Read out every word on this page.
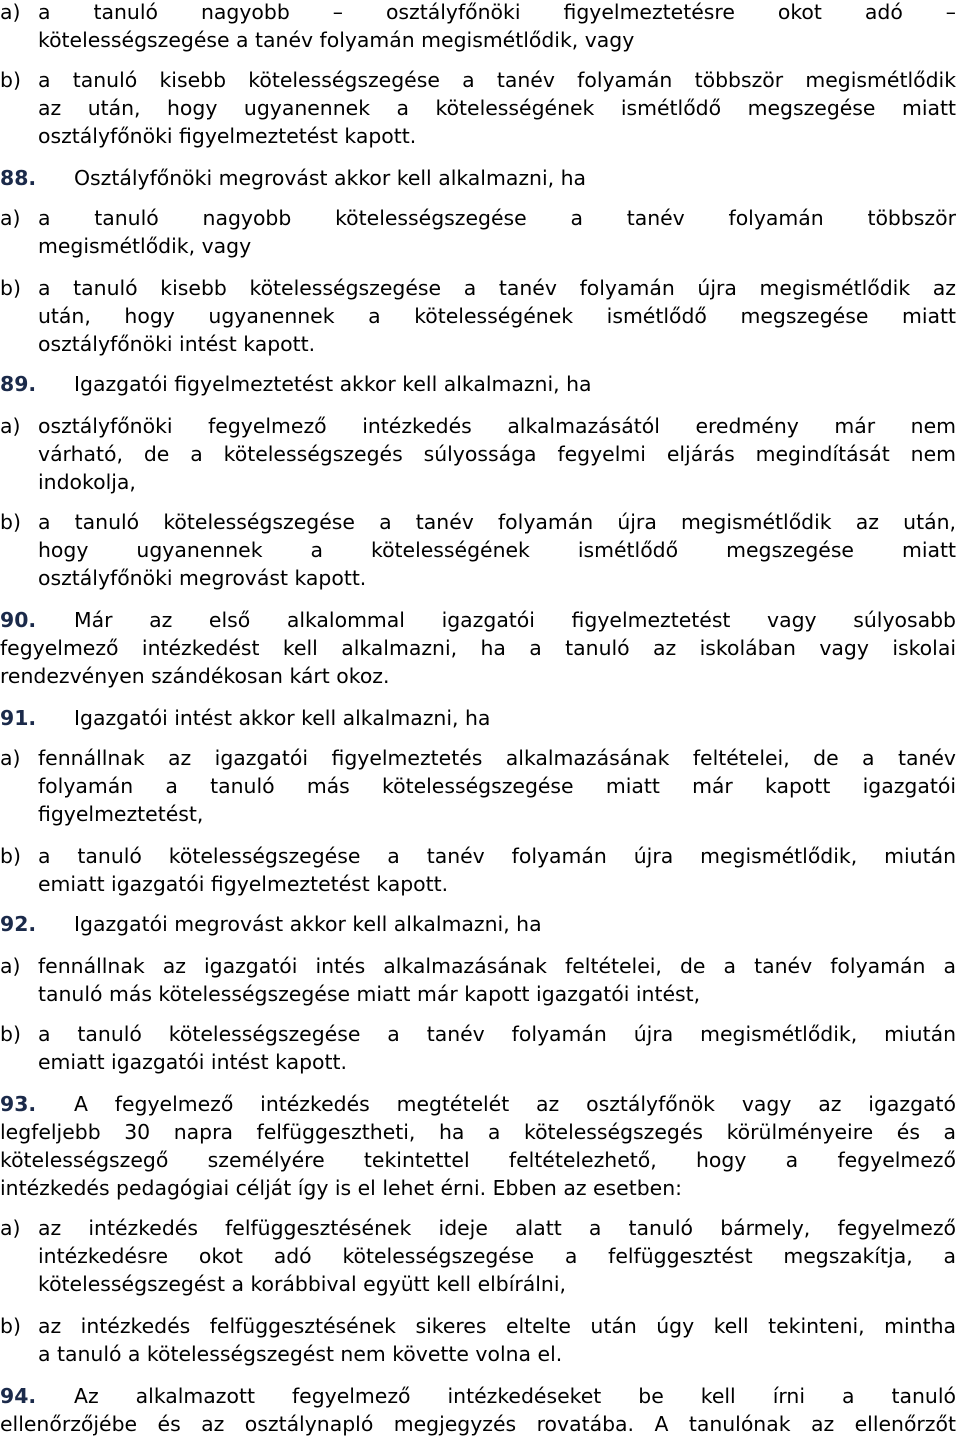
a) a tanuló nagyobb – osztályfőnöki figyelmeztetésre okot adó –
kötelességszegése a tanév folyamán megismétlődik, vagy
b) a tanuló kisebb kötelességszegése a tanév folyamán többször megismétlődik
az után, hogy ugyanennek a kötelességének ismétlődő megszegése miatt
osztályfőnöki figyelmeztetést kapott.
88. Osztályfőnöki megrovást akkor kell alkalmazni, ha
a) a tanuló nagyobb kötelességszegése a tanév folyamán többször
megismétlődik, vagy
b) a tanuló kisebb kötelességszegése a tanév folyamán újra megismétlődik az
után, hogy ugyanennek a kötelességének ismétlődő megszegése miatt
osztályfőnöki intést kapott.
89. Igazgatói figyelmeztetést akkor kell alkalmazni, ha
a) osztályfőnöki fegyelmező intézkedés alkalmazásától eredmény már nem
várható, de a kötelességszegés súlyossága fegyelmi eljárás megindítását nem
indokolja,
b) a tanuló kötelességszegése a tanév folyamán újra megismétlődik az után,
hogy ugyanennek a kötelességének ismétlődő megszegése miatt
osztályfőnöki megrovást kapott.
90. Már az első alkalommal igazgatói figyelmeztetést vagy súlyosabb
fegyelmező intézkedést kell alkalmazni, ha a tanuló az iskolában vagy iskolai
rendezvényen szándékosan kárt okoz.
91. Igazgatói intést akkor kell alkalmazni, ha
a) fennállnak az igazgatói figyelmeztetés alkalmazásának feltételei, de a tanév
folyamán a tanuló más kötelességszegése miatt már kapott igazgatói
figyelmeztetést,
b) a tanuló kötelességszegése a tanév folyamán újra megismétlődik, miután
emiatt igazgatói figyelmeztetést kapott.
92. Igazgatói megrovást akkor kell alkalmazni, ha
a) fennállnak az igazgatói intés alkalmazásának feltételei, de a tanév folyamán a
tanuló más kötelességszegése miatt már kapott igazgatói intést,
b) a tanuló kötelességszegése a tanév folyamán újra megismétlődik, miután
emiatt igazgatói intést kapott.
93. A fegyelmező intézkedés megtételét az osztályfőnök vagy az igazgató
legfeljebb 30 napra felfüggesztheti, ha a kötelességszegés körülményeire és a
kötelességszegő személyére tekintettel feltételezhető, hogy a fegyelmező
intézkedés pedagógiai célját így is el lehet érni. Ebben az esetben:
a) az intézkedés felfüggesztésének ideje alatt a tanuló bármely, fegyelmező
intézkedésre okot adó kötelességszegése a felfüggesztést megszakítja, a
kötelességszegést a korábbival együtt kell elbírálni,
b) az intézkedés felfüggesztésének sikeres eltelte után úgy kell tekinteni, mintha
a tanuló a kötelességszegést nem követte volna el.
94. Az alkalmazott fegyelmező intézkedéseket be kell írni a tanuló
ellenőrzőjébe és az osztálynapló megjegyzés rovatába. A tanulónak az ellenőrzőt
